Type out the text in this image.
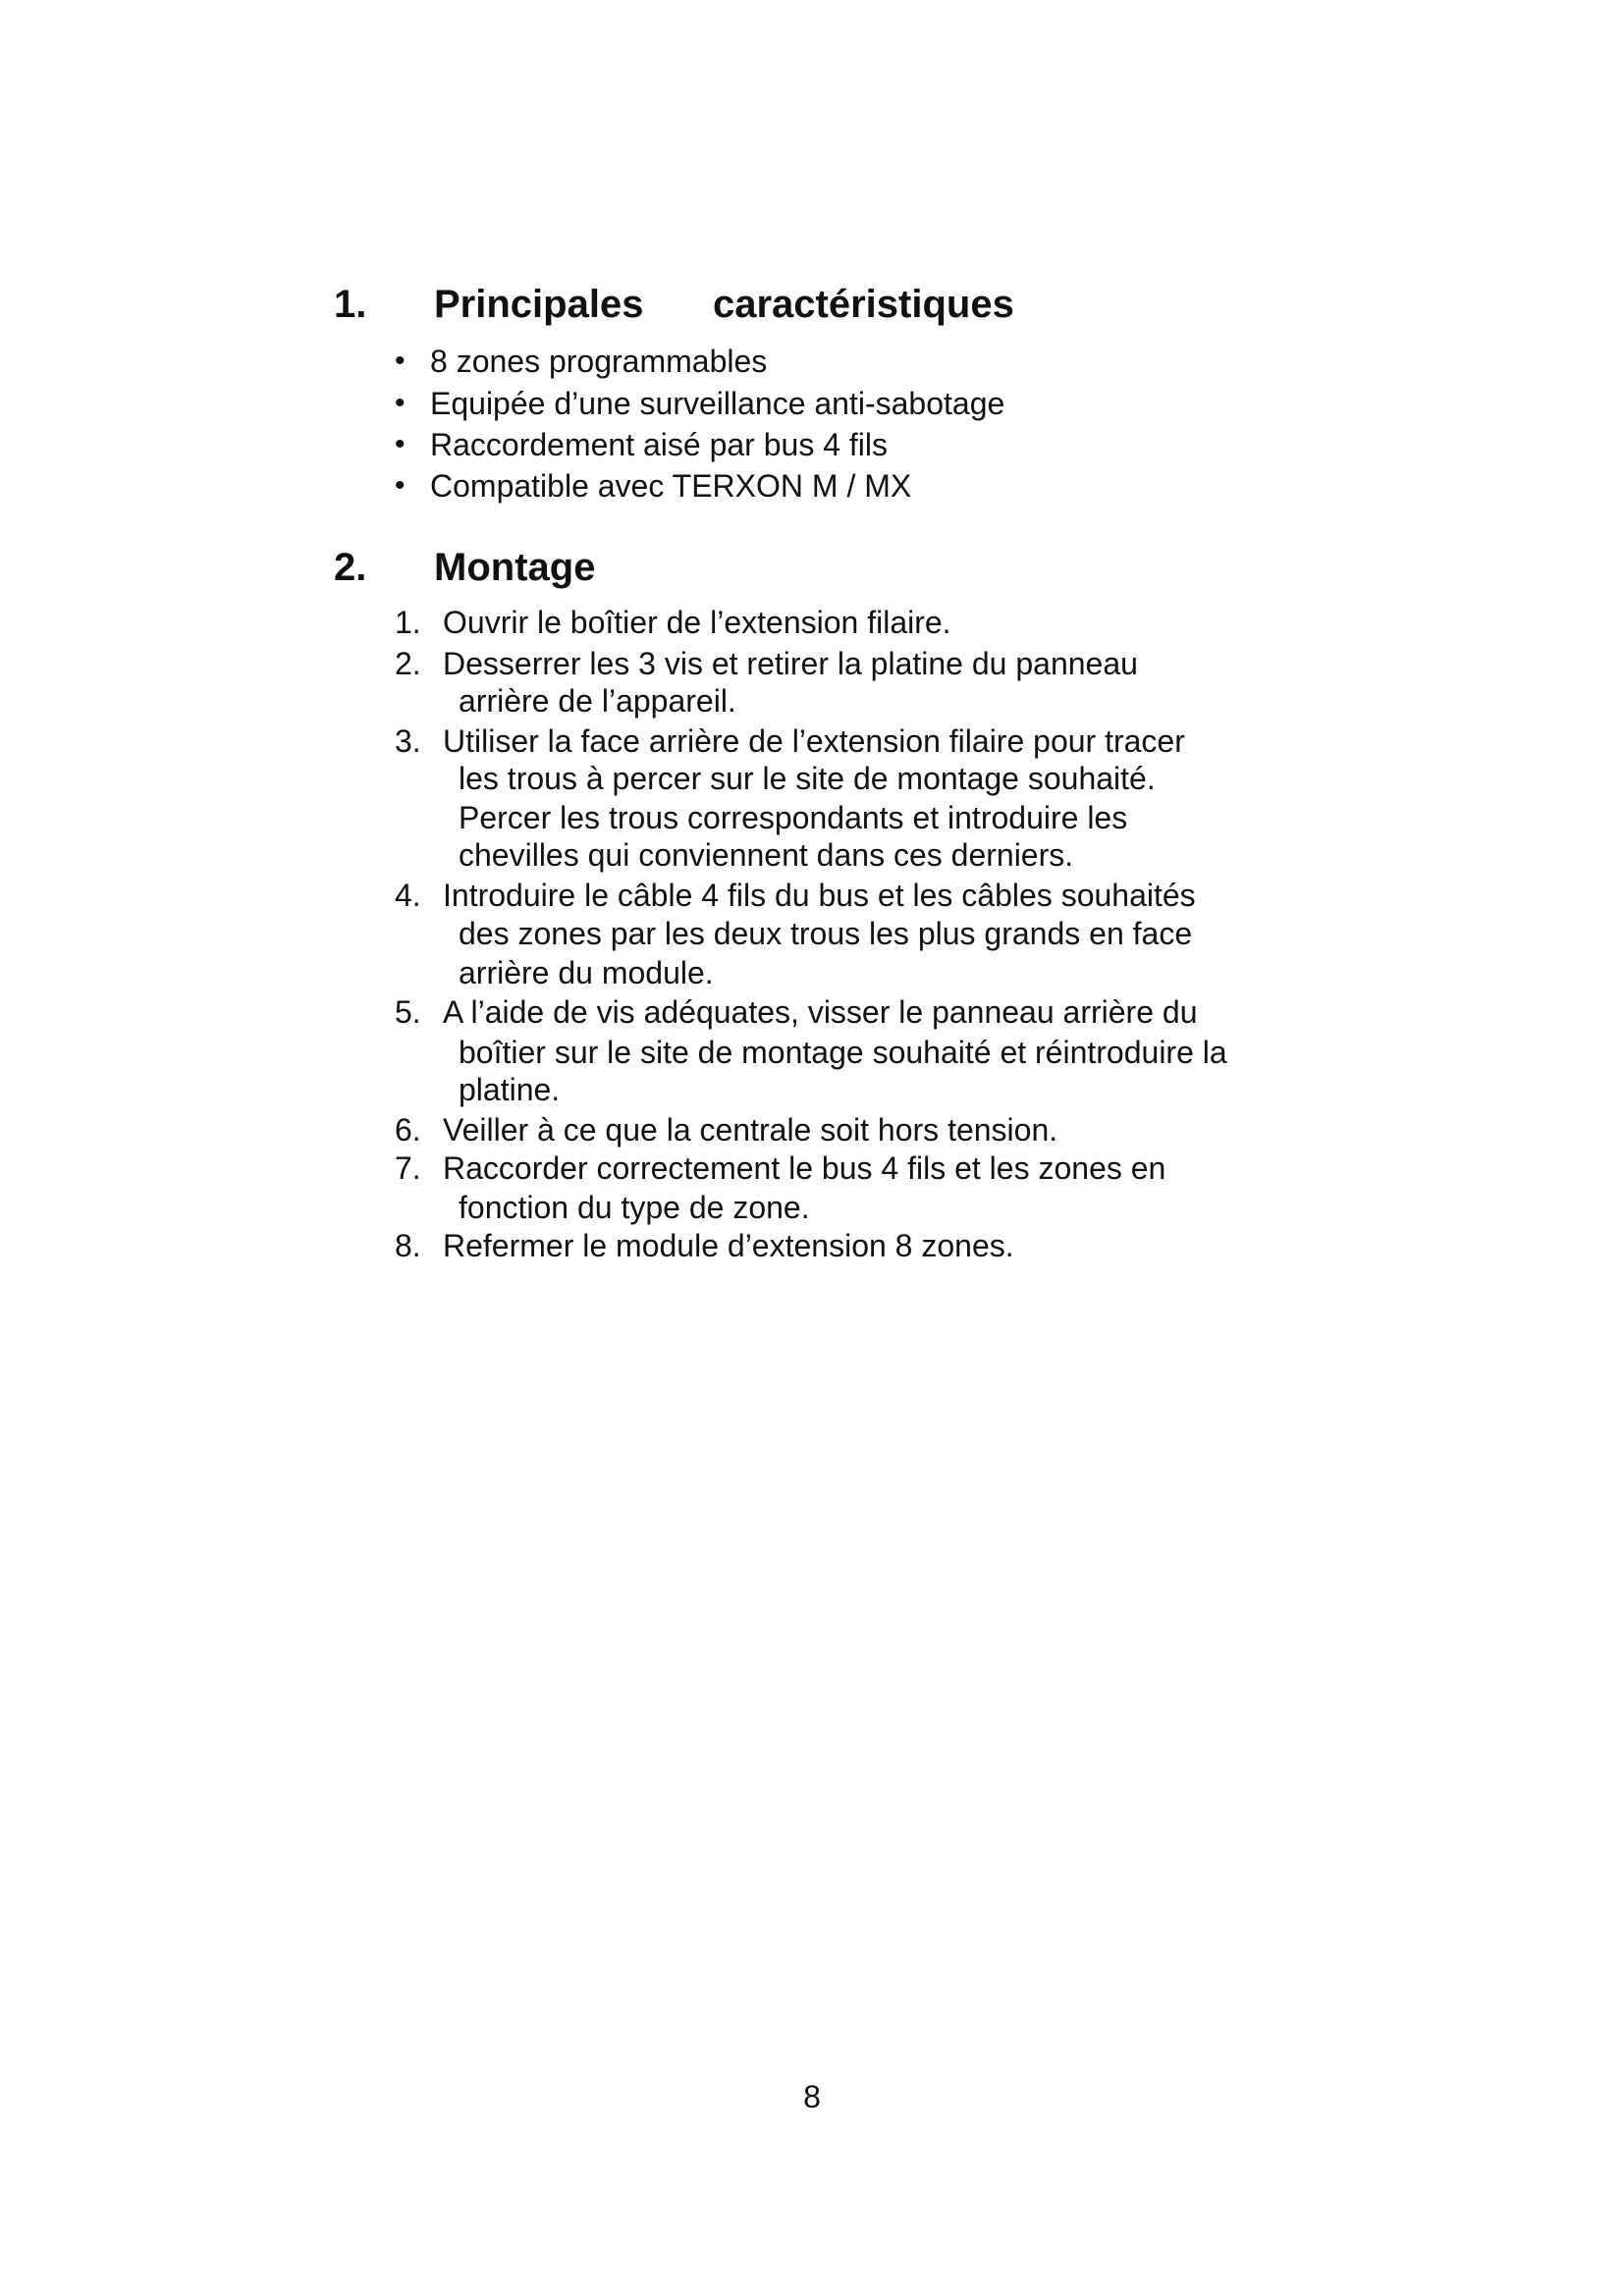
1. Principales caractéristiques
• 8 zones programmables
• Equipée d’une surveillance anti-sabotage
• Raccordement aisé par bus 4 fils
• Compatible avec TERXON M / MX
2. Montage
1. Ouvrir le boîtier de l’extension filaire.
2. Desserrer les 3 vis et retirer la platine du panneau
arrière de l’appareil.
3. Utiliser la face arrière de l’extension filaire pour tracer
les trous à percer sur le site de montage souhaité.
Percer les trous correspondants et introduire les
chevilles qui conviennent dans ces derniers.
4. Introduire le câble 4 fils du bus et les câbles souhaités
des zones par les deux trous les plus grands en face
arrière du module.
5. A l’aide de vis adéquates, visser le panneau arrière du
boîtier sur le site de montage souhaité et réintroduire la
platine.
6. Veiller à ce que la centrale soit hors tension.
7. Raccorder correctement le bus 4 fils et les zones en
fonction du type de zone.
8. Refermer le module d’extension 8 zones.

8
